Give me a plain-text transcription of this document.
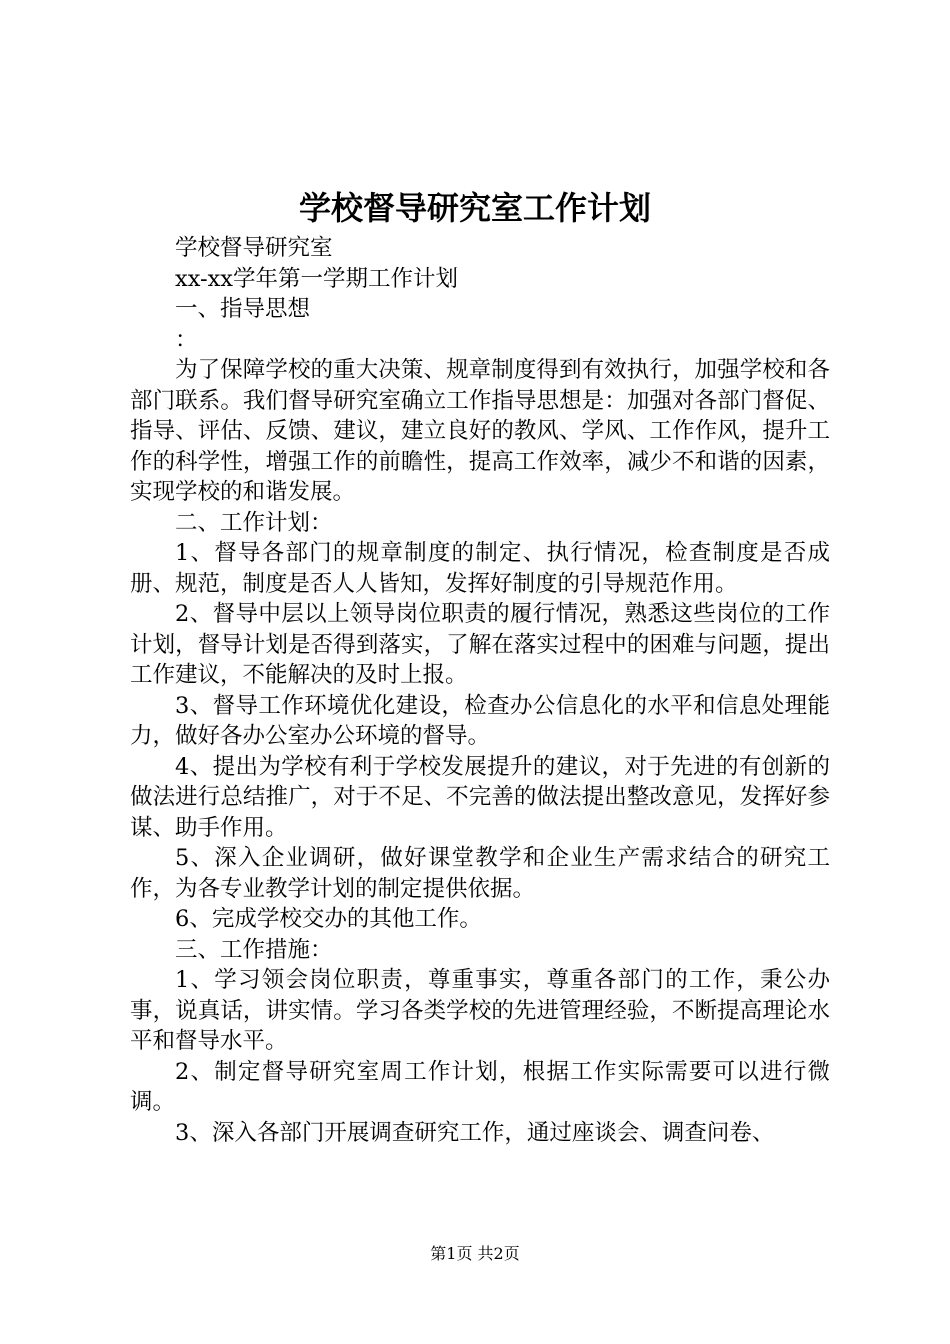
学校督导研究室工作计划

学校督导研究室

xx-xx学年第一学期工作计划

一、指导思想

：

为了保障学校的重大决策、规章制度得到有效执行，加强学校和各部门联系。我们督导研究室确立工作指导思想是：加强对各部门督促、指导、评估、反馈、建议，建立良好的教风、学风、工作作风，提升工作的科学性，增强工作的前瞻性，提高工作效率，减少不和谐的因素，实现学校的和谐发展。

二、工作计划：

1、督导各部门的规章制度的制定、执行情况，检查制度是否成册、规范，制度是否人人皆知，发挥好制度的引导规范作用。

2、督导中层以上领导岗位职责的履行情况，熟悉这些岗位的工作计划，督导计划是否得到落实，了解在落实过程中的困难与问题，提出工作建议，不能解决的及时上报。

3、督导工作环境优化建设，检查办公信息化的水平和信息处理能力，做好各办公室办公环境的督导。

4、提出为学校有利于学校发展提升的建议，对于先进的有创新的做法进行总结推广，对于不足、不完善的做法提出整改意见，发挥好参谋、助手作用。

5、深入企业调研，做好课堂教学和企业生产需求结合的研究工作，为各专业教学计划的制定提供依据。

6、完成学校交办的其他工作。

三、工作措施：

1、学习领会岗位职责，尊重事实，尊重各部门的工作，秉公办事，说真话，讲实情。学习各类学校的先进管理经验，不断提高理论水平和督导水平。

2、制定督导研究室周工作计划，根据工作实际需要可以进行微调。

3、深入各部门开展调查研究工作，通过座谈会、调查问卷、

第1页 共2页
